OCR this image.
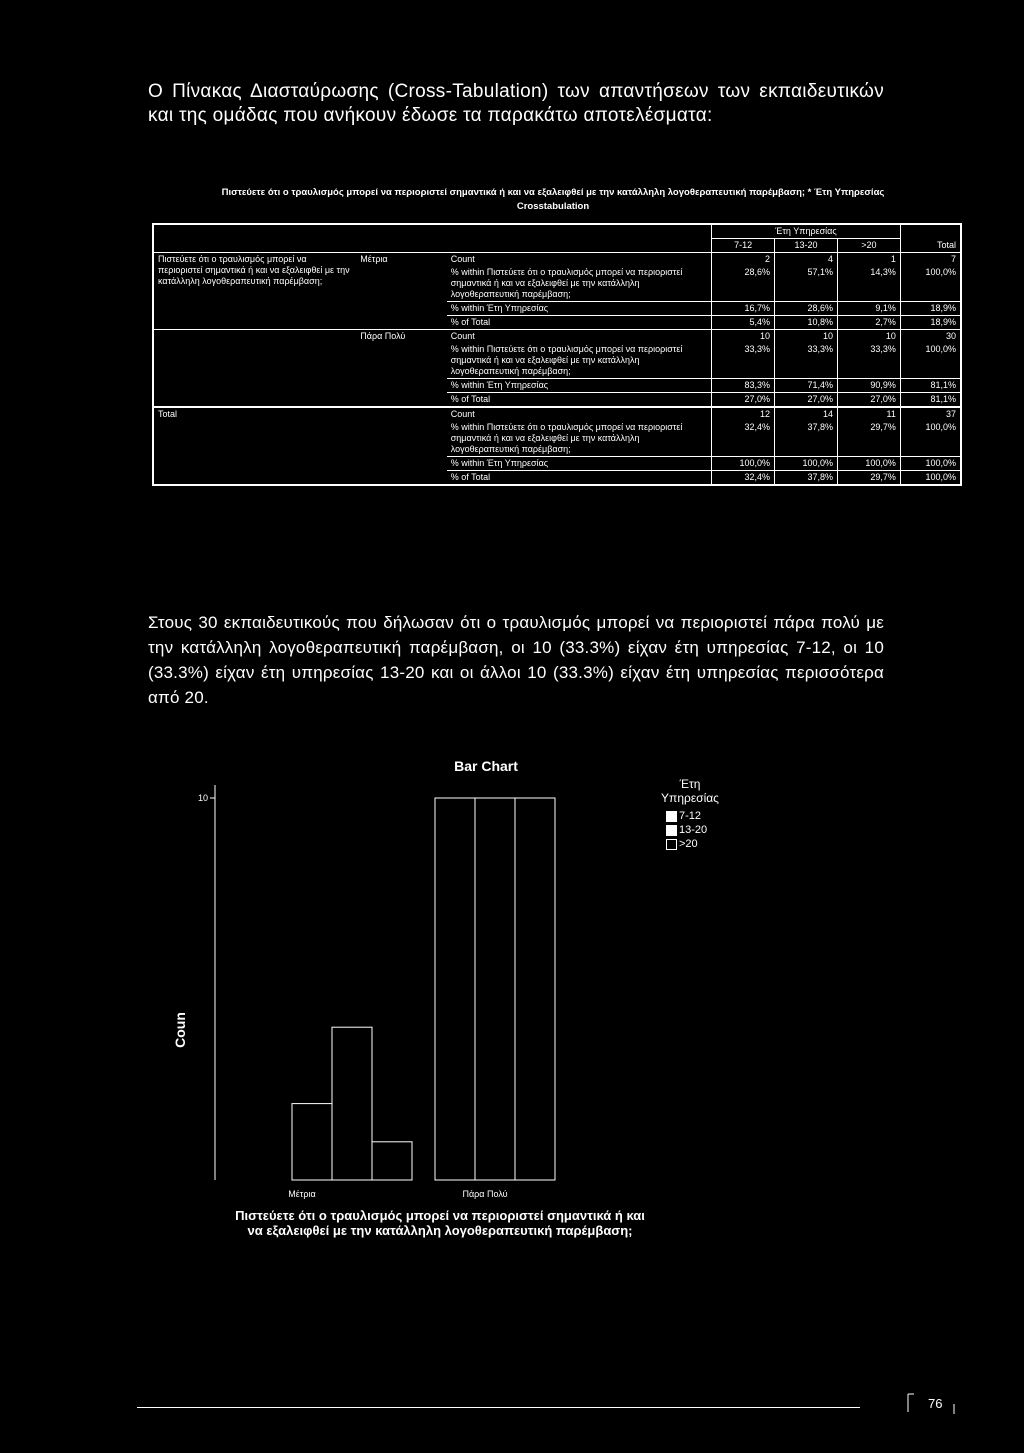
Ο Πίνακας Διασταύρωσης (Cross-Tabulation) των απαντήσεων των εκπαιδευτικών και της ομάδας που ανήκουν έδωσε τα παρακάτω αποτελέσματα:
Πιστεύετε ότι ο τραυλισμός μπορεί να περιοριστεί σημαντικά ή και να εξαλειφθεί με την κατάλληλη λογοθεραπευτική παρέμβαση; * Έτη Υπηρεσίας
Crosstabulation
			Έτη Υπηρεσίας			
			7-12	13-20	>20	Total
Πιστεύετε ότι ο τραυλισμός μπορεί να περιοριστεί σημαντικά ή και να εξαλειφθεί με την κατάλληλη λογοθεραπευτική παρέμβαση;	Μέτρια	Count	2	4	1	7
		% within Πιστεύετε ότι ο τραυλισμός μπορεί να περιοριστεί σημαντικά ή και να εξαλειφθεί με την κατάλληλη λογοθεραπευτική παρέμβαση;	28,6%	57,1%	14,3%	100,0%
		% within Έτη Υπηρεσίας	16,7%	28,6%	9,1%	18,9%
		% of Total	5,4%	10,8%	2,7%	18,9%
	Πάρα Πολύ	Count	10	10	10	30
		% within Πιστεύετε ότι ο τραυλισμός μπορεί να περιοριστεί σημαντικά ή και να εξαλειφθεί με την κατάλληλη λογοθεραπευτική παρέμβαση;	33,3%	33,3%	33,3%	100,0%
		% within Έτη Υπηρεσίας	83,3%	71,4%	90,9%	81,1%
		% of Total	27,0%	27,0%	27,0%	81,1%
Total		Count	12	14	11	37
		% within Πιστεύετε ότι ο τραυλισμός μπορεί να περιοριστεί σημαντικά ή και να εξαλειφθεί με την κατάλληλη λογοθεραπευτική παρέμβαση;	32,4%	37,8%	29,7%	100,0%
		% within Έτη Υπηρεσίας	100,0%	100,0%	100,0%	100,0%
		% of Total	32,4%	37,8%	29,7%	100,0%
Στους 30 εκπαιδευτικούς που δήλωσαν ότι ο τραυλισμός μπορεί να περιοριστεί πάρα πολύ με την κατάλληλη λογοθεραπευτική παρέμβαση, οι 10 (33.3%) είχαν έτη υπηρεσίας 7-12, οι 10 (33.3%) είχαν έτη υπηρεσίας 13-20 και οι άλλοι 10 (33.3%) είχαν έτη υπηρεσίας περισσότερα από 20.
Bar Chart
10
Μέτρια	Πάρα Πολύ
Coun
Έτη Υπηρεσίας
7-12
13-20
>20
Πιστεύετε ότι ο τραυλισμός μπορεί να περιοριστεί σημαντικά ή και να εξαλειφθεί με την κατάλληλη λογοθεραπευτική παρέμβαση;
76
